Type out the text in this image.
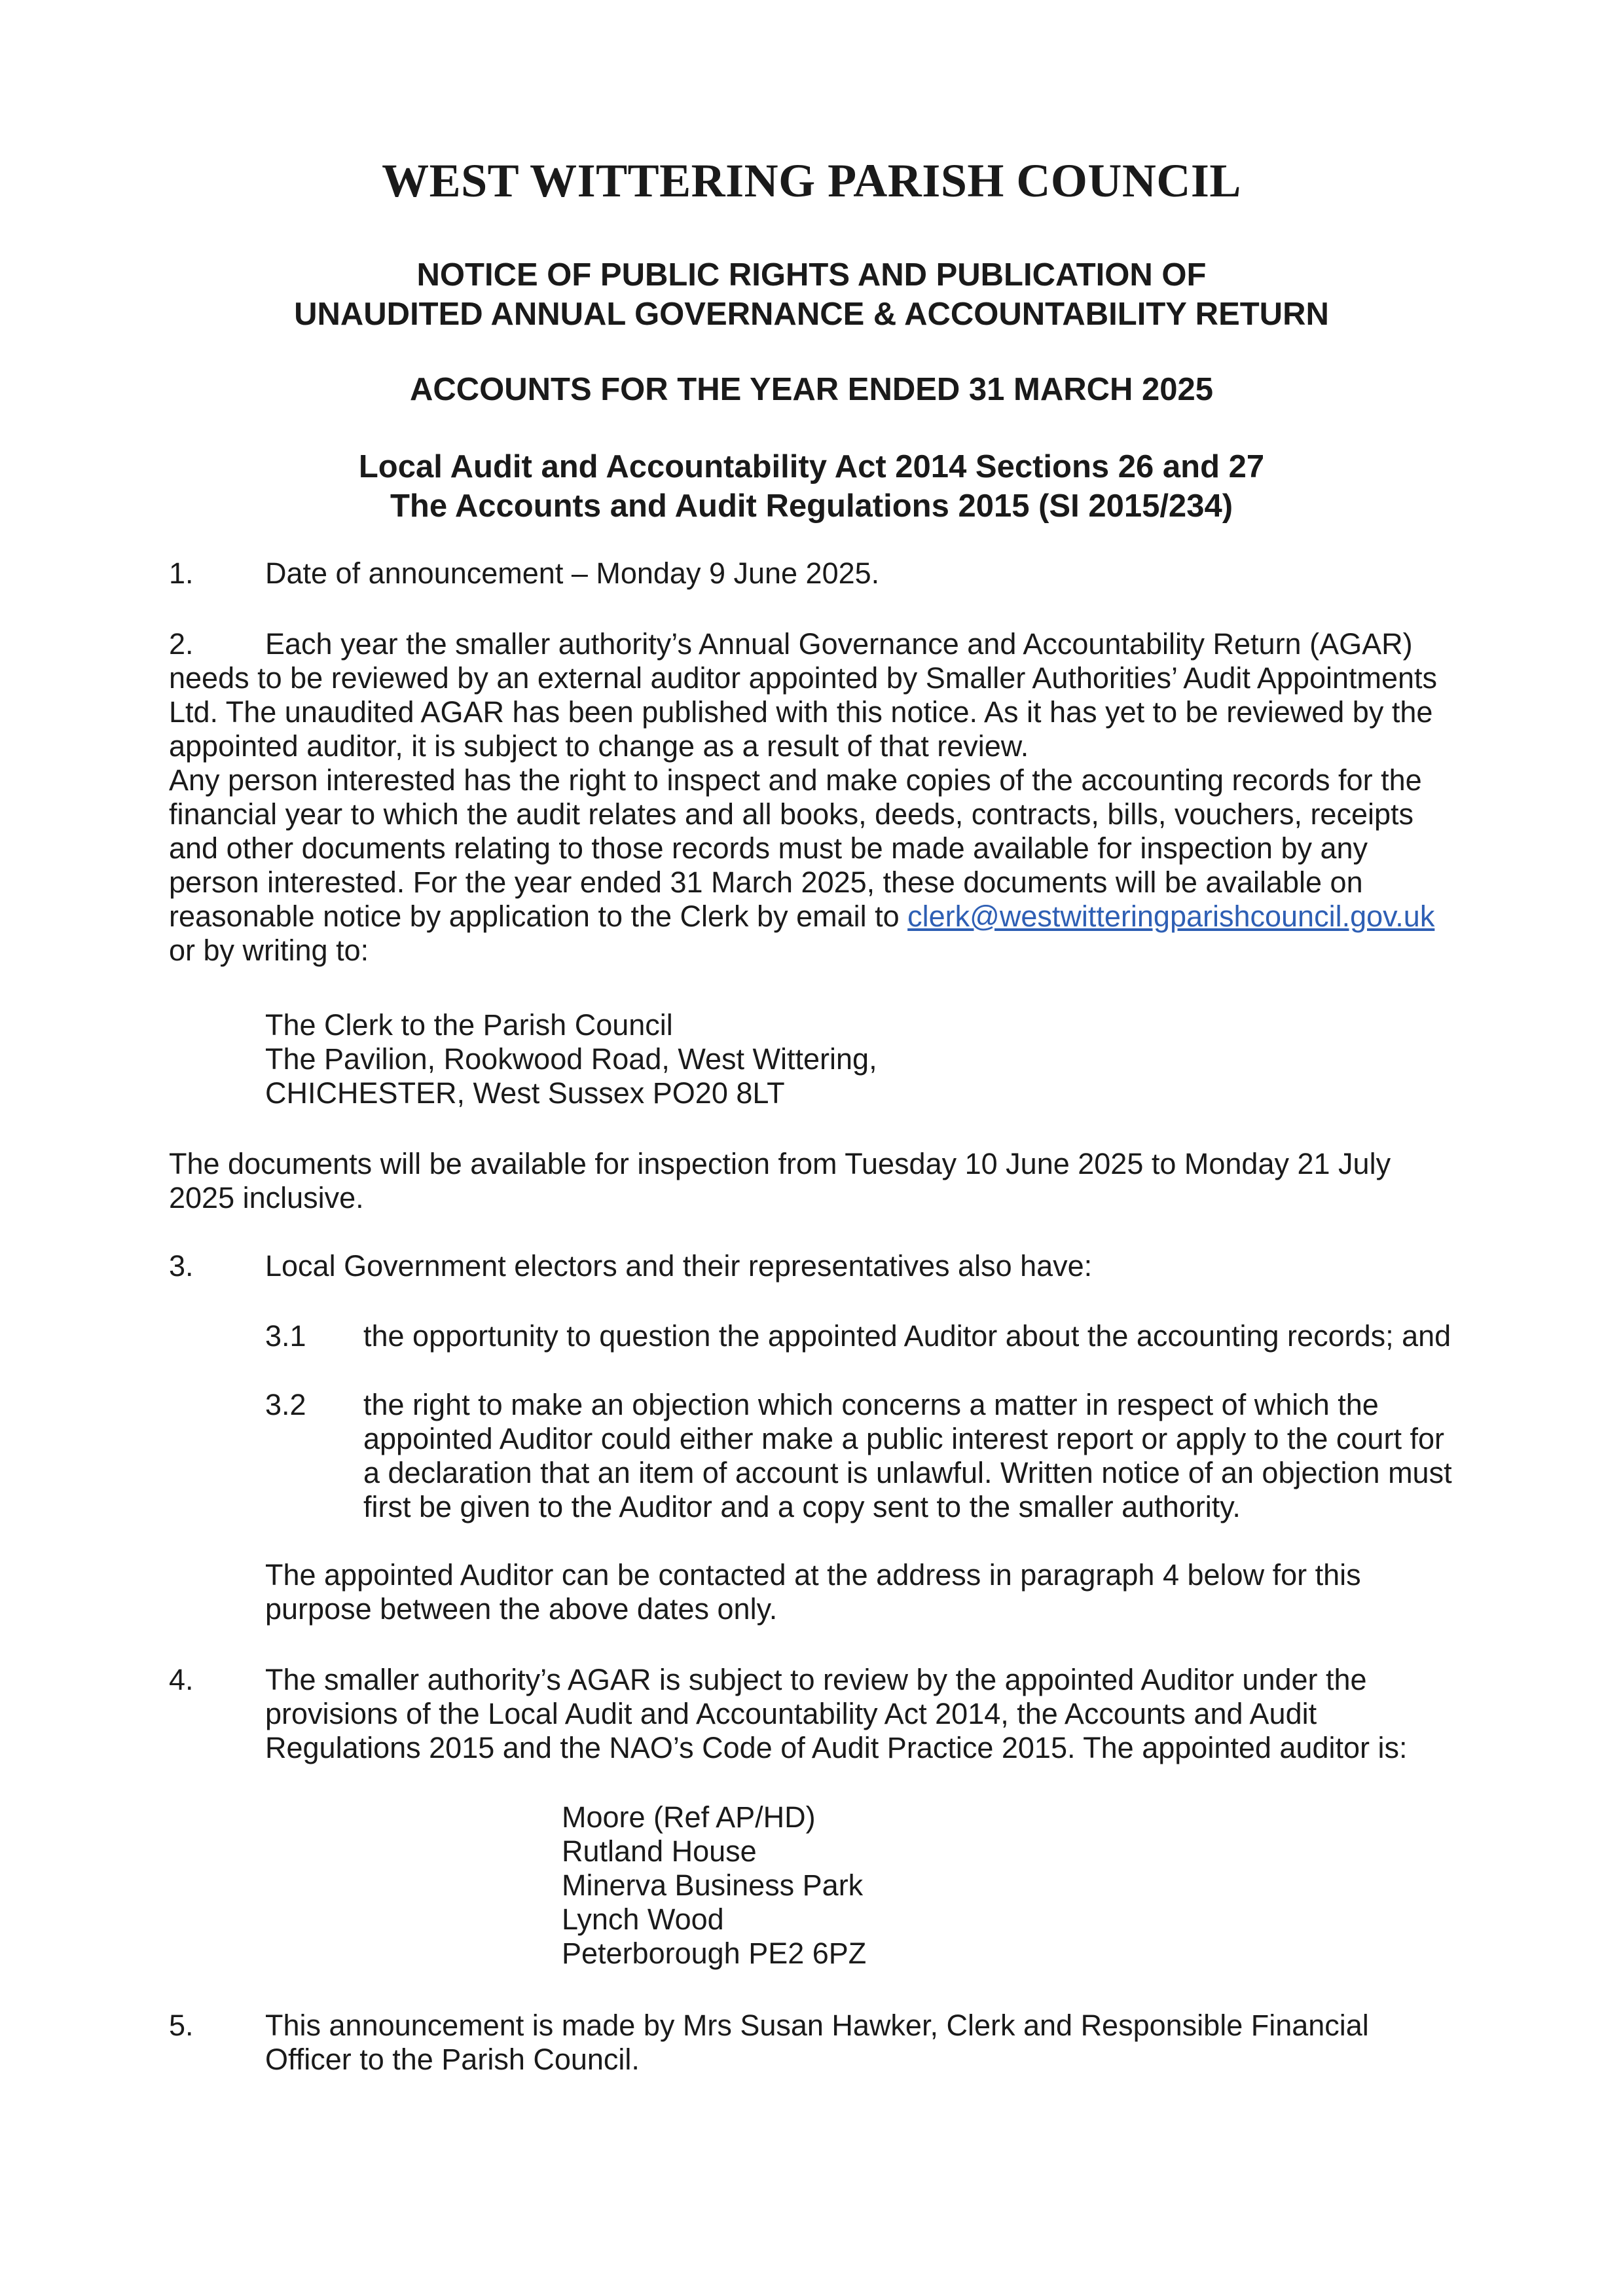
WEST WITTERING PARISH COUNCIL
NOTICE OF PUBLIC RIGHTS AND PUBLICATION OF
UNAUDITED ANNUAL GOVERNANCE & ACCOUNTABILITY RETURN
ACCOUNTS FOR THE YEAR ENDED 31 MARCH 2025
Local Audit and Accountability Act 2014 Sections 26 and 27
The Accounts and Audit Regulations 2015 (SI 2015/234)
1. Date of announcement – Monday 9 June 2025.
2.	Each year the smaller authority’s Annual Governance and Accountability Return (AGAR)
needs to be reviewed by an external auditor appointed by Smaller Authorities’ Audit Appointments
Ltd. The unaudited AGAR has been published with this notice. As it has yet to be reviewed by the
appointed auditor, it is subject to change as a result of that review.
Any person interested has the right to inspect and make copies of the accounting records for the
financial year to which the audit relates and all books, deeds, contracts, bills, vouchers, receipts
and other documents relating to those records must be made available for inspection by any
person interested. For the year ended 31 March 2025, these documents will be available on
reasonable notice by application to the Clerk by email to clerk@westwitteringparishcouncil.gov.uk
or by writing to:
The Clerk to the Parish Council
The Pavilion, Rookwood Road, West Wittering,
CHICHESTER, West Sussex PO20 8LT
The documents will be available for inspection from Tuesday 10 June 2025 to Monday 21 July
2025 inclusive.
3. Local Government electors and their representatives also have:
3.1 the opportunity to question the appointed Auditor about the accounting records; and
3.2 the right to make an objection which concerns a matter in respect of which the
appointed Auditor could either make a public interest report or apply to the court for
a declaration that an item of account is unlawful. Written notice of an objection must
first be given to the Auditor and a copy sent to the smaller authority.
The appointed Auditor can be contacted at the address in paragraph 4 below for this
purpose between the above dates only.
4. The smaller authority’s AGAR is subject to review by the appointed Auditor under the
provisions of the Local Audit and Accountability Act 2014, the Accounts and Audit
Regulations 2015 and the NAO’s Code of Audit Practice 2015. The appointed auditor is:
Moore (Ref AP/HD)
Rutland House
Minerva Business Park
Lynch Wood
Peterborough PE2 6PZ
5. This announcement is made by Mrs Susan Hawker, Clerk and Responsible Financial
Officer to the Parish Council.
